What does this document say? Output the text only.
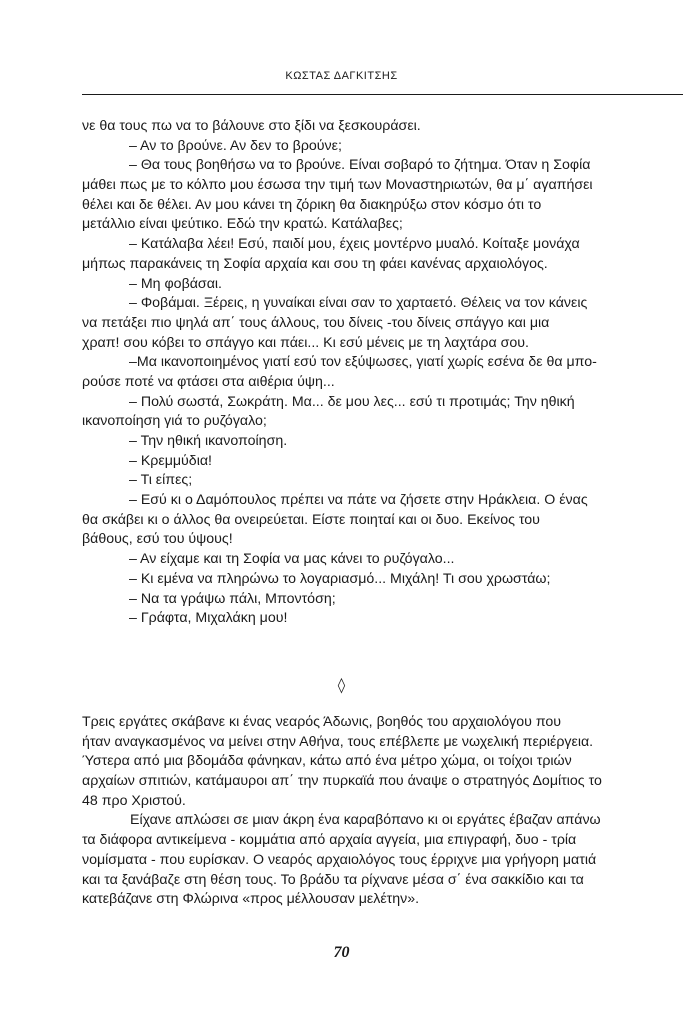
ΚΩΣΤΑΣ ΔΑΓΚΙΤΣΗΣ
νε θα τους πω να το βάλουνε στο ξίδι να ξεσκουράσει.
– Αν το βρούνε. Αν δεν το βρούνε;
– Θα τους βοηθήσω να το βρούνε. Είναι σοβαρό το ζήτημα. Όταν η Σοφία
μάθει πως με το κόλπο μου έσωσα την τιμή των Μοναστηριωτών, θα μ΄ αγαπήσει
θέλει και δε θέλει. Αν μου κάνει τη ζόρικη θα διακηρύξω στον κόσμο ότι το
μετάλλιο είναι ψεύτικο. Εδώ την κρατώ. Κατάλαβες;
– Κατάλαβα λέει! Εσύ, παιδί μου, έχεις μοντέρνο μυαλό. Κοίταξε μονάχα
μήπως παρακάνεις τη Σοφία αρχαία και σου τη φάει κανένας αρχαιολόγος.
– Μη φοβάσαι.
– Φοβάμαι. Ξέρεις, η γυναίκαι είναι σαν το χαρταετό. Θέλεις να τον κάνεις
να πετάξει πιο ψηλά απ΄ τους άλλους, του δίνεις -του δίνεις σπάγγο και μια
χραπ! σου κόβει το σπάγγο και πάει... Κι εσύ μένεις με τη λαχτάρα σου.
–Μα ικανοποιημένος γιατί εσύ τον εξύψωσες, γιατί χωρίς εσένα δε θα μπο-
ρούσε ποτέ να φτάσει στα αιθέρια ύψη...
– Πολύ σωστά, Σωκράτη. Μα... δε μου λες... εσύ τι προτιμάς; Την ηθική
ικανοποίηση γιά το ρυζόγαλο;
– Την ηθική ικανοποίηση.
– Κρεμμύδια!
– Τι είπες;
– Εσύ κι ο Δαμόπουλος πρέπει να πάτε να ζήσετε στην Ηράκλεια. Ο ένας
θα σκάβει κι ο άλλος θα ονειρεύεται. Είστε ποιηταί και οι δυο. Εκείνος του
βάθους, εσύ του ύψους!
– Αν είχαμε και τη Σοφία να μας κάνει το ρυζόγαλο...
– Κι εμένα να πληρώνω το λογαριασμό... Μιχάλη! Τι σου χρωστάω;
– Να τα γράψω πάλι, Μποντόση;
– Γράφτα, Μιχαλάκη μου!
◊
Τρεις εργάτες σκάβανε κι ένας νεαρός Άδωνις, βοηθός του αρχαιολόγου που
ήταν αναγκασμένος να μείνει στην Αθήνα, τους επέβλεπε με νωχελική περιέργεια.
Ύστερα από μια βδομάδα φάνηκαν, κάτω από ένα μέτρο χώμα, οι τοίχοι τριών
αρχαίων σπιτιών, κατάμαυροι απ΄ την πυρκαϊά που άναψε ο στρατηγός Δομίτιος το
48 προ Χριστού.
Είχανε απλώσει σε μιαν άκρη ένα καραβόπανο κι οι εργάτες έβαζαν απάνω
τα διάφορα αντικείμενα - κομμάτια από αρχαία αγγεία, μια επιγραφή, δυο - τρία
νομίσματα - που ευρίσκαν. Ο νεαρός αρχαιολόγος τους έρριχνε μια γρήγορη ματιά
και τα ξανάβαζε στη θέση τους. Το βράδυ τα ρίχνανε μέσα σ΄ ένα σακκίδιο και τα
κατεβάζανε στη Φλώρινα «προς μέλλουσαν μελέτην».
70
